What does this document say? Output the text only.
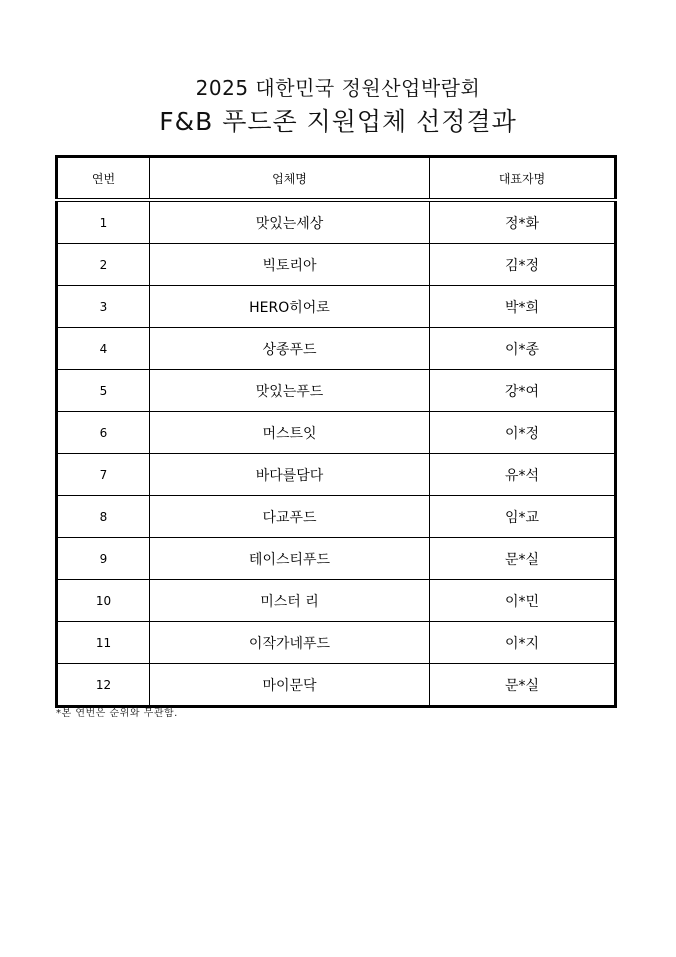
2025 대한민국 정원산업박람회
F&B 푸드존 지원업체 선정결과
연번	업체명	대표자명
1	맛있는세상	정*화
2	빅토리아	김*정
3	HERO히어로	박*희
4	상종푸드	이*종
5	맛있는푸드	강*여
6	머스트잇	이*정
7	바다를담다	유*석
8	다교푸드	임*교
9	테이스티푸드	문*실
10	미스터 리	이*민
11	이작가네푸드	이*지
12	마이문닥	문*실
*본 연번은 순위와 무관함.
